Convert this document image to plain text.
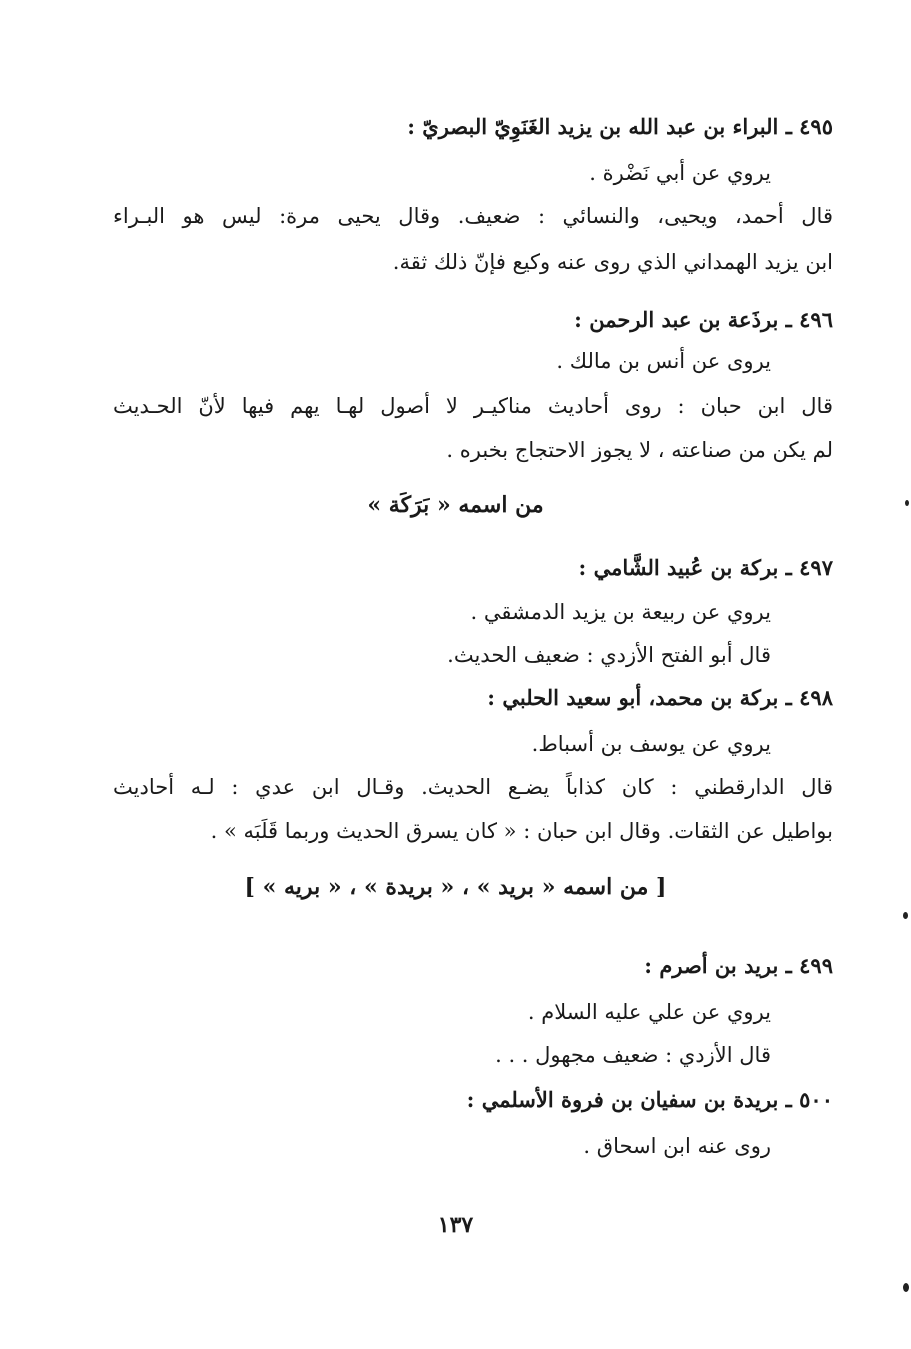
٤٩٥ ـ البراء بن عبد الله بن يزيد الغَنَوِيّ البصريّ :
يروي عن أبي نَضْرة .
قال أحمد، ويحيى، والنسائي : ضعيف. وقال يحيى مرة: ليس هو البـراء
ابن يزيد الهمداني الذي روى عنه وكيع فإنّ ذلك ثقة.
٤٩٦ ـ برذَعة بن عبد الرحمن :
يروى عن أنس بن مالك .
قال ابن حبان : روى أحاديث مناكيـر لا أصول لهـا يهم فيها لأنّ الحـديث
لم يكن من صناعته ، لا يجوز الاحتجاج بخبره .
من اسمه « بَرَكَة »
٤٩٧ ـ بركة بن عُبيد الشَّامي :
يروي عن ربيعة بن يزيد الدمشقي .
قال أبو الفتح الأزدي : ضعيف الحديث.
٤٩٨ ـ بركة بن محمد، أبو سعيد الحلبي :
يروي عن يوسف بن أسباط.
قال الدارقطني : كان كذاباً يضـع الحديث. وقـال ابن عدي : لـه أحاديث
بواطيل عن الثقات. وقال ابن حبان : « كان يسرق الحديث وربما قَلَبَه » .
[ من اسمه « بريد » ، « بريدة » ، « بريه » ]
٤٩٩ ـ بريد بن أصرم :
يروي عن علي عليه السلام .
قال الأزدي : ضعيف مجهول . . .
٥٠٠ ـ بريدة بن سفيان بن فروة الأسلمي :
روى عنه ابن اسحاق .
١٣٧
